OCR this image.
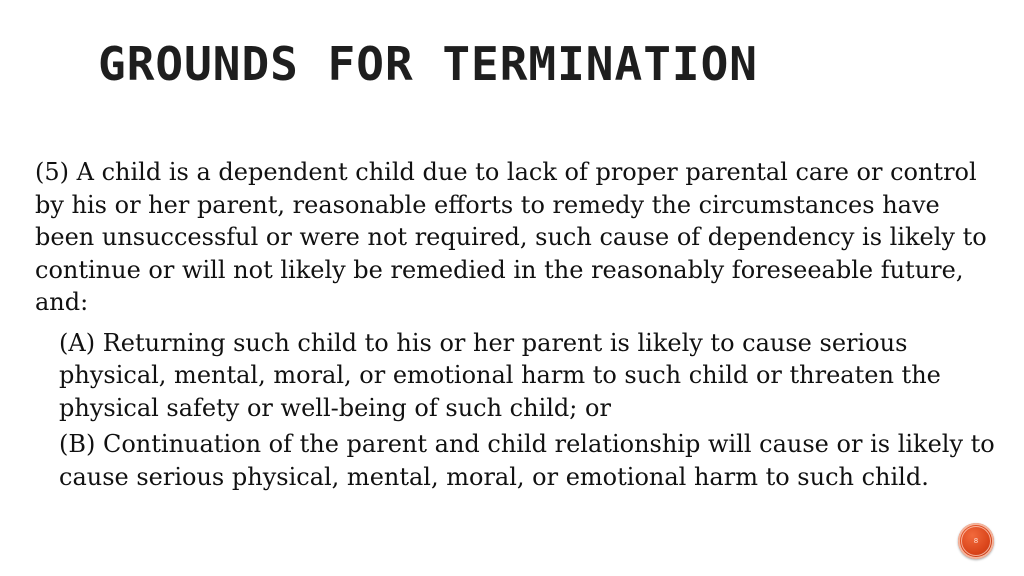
GROUNDS FOR TERMINATION

(5) A child is a dependent child due to lack of proper parental care or control by his or her parent, reasonable efforts to remedy the circumstances have been unsuccessful or were not required, such cause of dependency is likely to continue or will not likely be remedied in the reasonably foreseeable future, and:

(A) Returning such child to his or her parent is likely to cause serious physical, mental, moral, or emotional harm to such child or threaten the physical safety or well-being of such child; or

(B) Continuation of the parent and child relationship will cause or is likely to cause serious physical, mental, moral, or emotional harm to such child.

8
